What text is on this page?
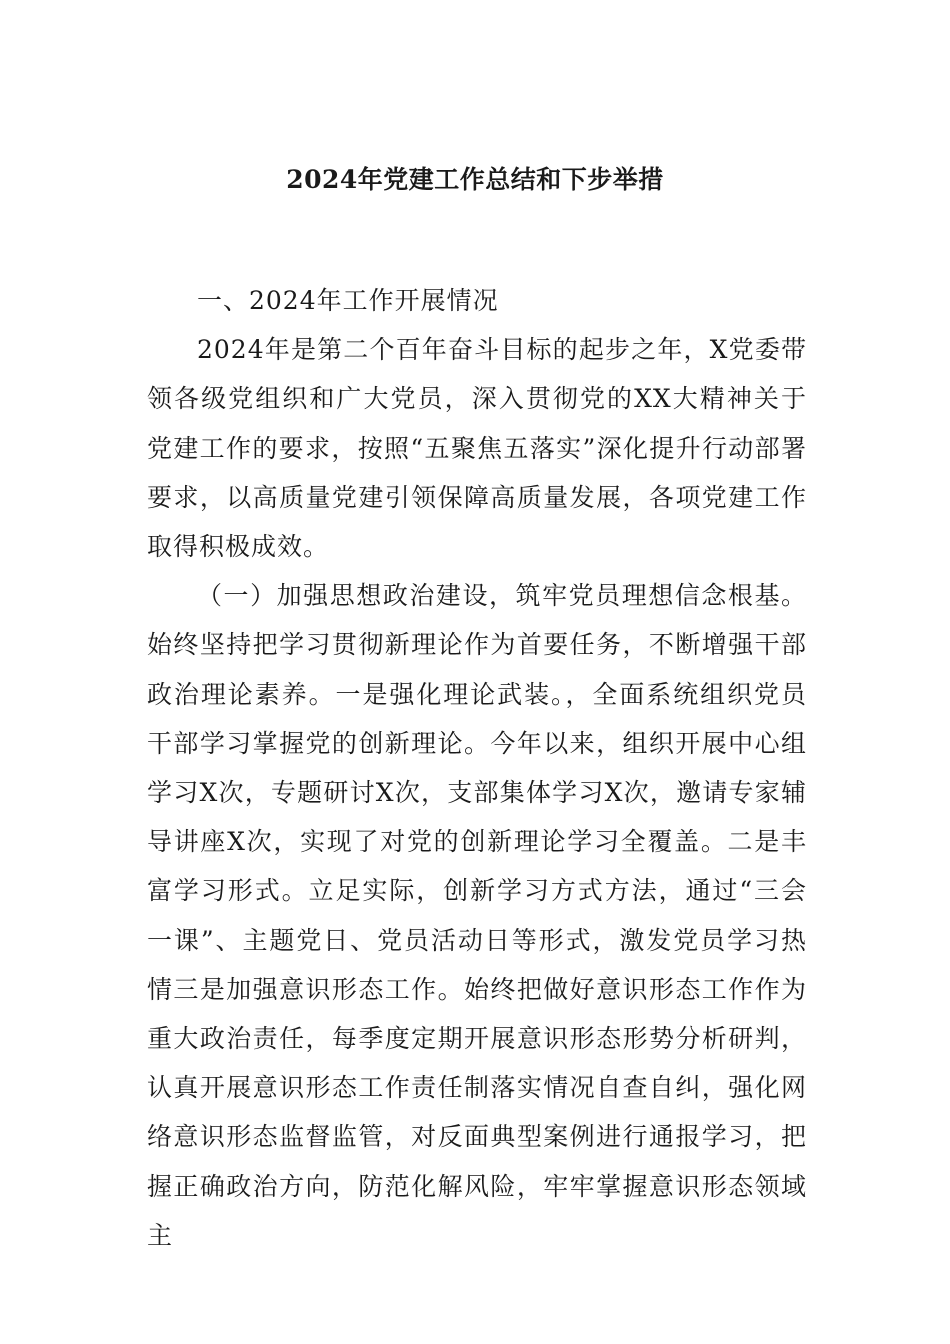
2024年党建工作总结和下步举措

一、2024年工作开展情况

2024年是第二个百年奋斗目标的起步之年，X党委带领各级党组织和广大党员，深入贯彻党的XX大精神关于党建工作的要求，按照“五聚焦五落实”深化提升行动部署要求，以高质量党建引领保障高质量发展，各项党建工作取得积极成效。

（一）加强思想政治建设，筑牢党员理想信念根基。始终坚持把学习贯彻新理论作为首要任务，不断增强干部政治理论素养。一是强化理论武装。，全面系统组织党员干部学习掌握党的创新理论。今年以来，组织开展中心组学习X次，专题研讨X次，支部集体学习X次，邀请专家辅导讲座X次，实现了对党的创新理论学习全覆盖。二是丰富学习形式。立足实际，创新学习方式方法，通过“三会一课”、主题党日、党员活动日等形式，激发党员学习热情三是加强意识形态工作。始终把做好意识形态工作作为重大政治责任，每季度定期开展意识形态形势分析研判，认真开展意识形态工作责任制落实情况自查自纠，强化网络意识形态监督监管，对反面典型案例进行通报学习，把握正确政治方向，防范化解风险，牢牢掌握意识形态领域主
